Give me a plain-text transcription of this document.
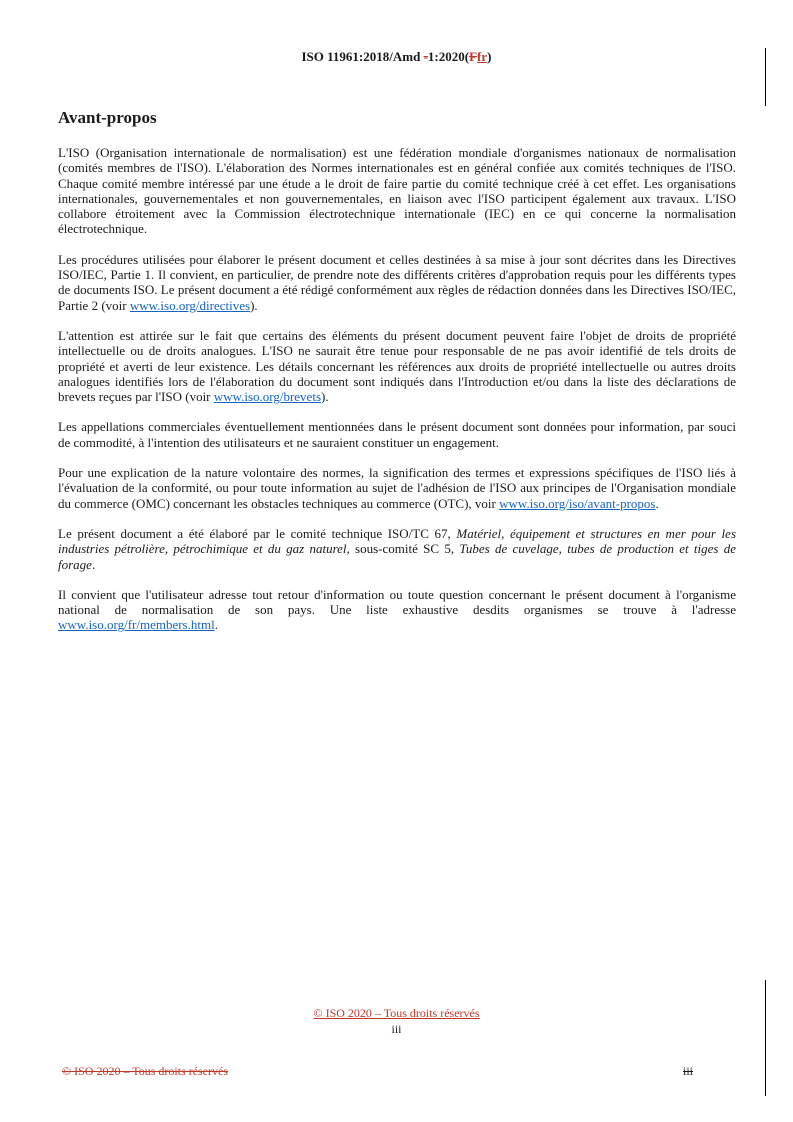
ISO 11961:2018/Amd -1:2020(Ffr)
Avant-propos

L'ISO (Organisation internationale de normalisation) est une fédération mondiale d'organismes nationaux de normalisation (comités membres de l'ISO). L'élaboration des Normes internationales est en général confiée aux comités techniques de l'ISO. Chaque comité membre intéressé par une étude a le droit de faire partie du comité technique créé à cet effet. Les organisations internationales, gouvernementales et non gouvernementales, en liaison avec l'ISO participent également aux travaux. L'ISO collabore étroitement avec la Commission électrotechnique internationale (IEC) en ce qui concerne la normalisation électrotechnique.

Les procédures utilisées pour élaborer le présent document et celles destinées à sa mise à jour sont décrites dans les Directives ISO/IEC, Partie 1. Il convient, en particulier, de prendre note des différents critères d'approbation requis pour les différents types de documents ISO. Le présent document a été rédigé conformément aux règles de rédaction données dans les Directives ISO/IEC, Partie 2 (voir www.iso.org/directives).

L'attention est attirée sur le fait que certains des éléments du présent document peuvent faire l'objet de droits de propriété intellectuelle ou de droits analogues. L'ISO ne saurait être tenue pour responsable de ne pas avoir identifié de tels droits de propriété et averti de leur existence. Les détails concernant les références aux droits de propriété intellectuelle ou autres droits analogues identifiés lors de l'élaboration du document sont indiqués dans l'Introduction et/ou dans la liste des déclarations de brevets reçues par l'ISO (voir www.iso.org/brevets).

Les appellations commerciales éventuellement mentionnées dans le présent document sont données pour information, par souci de commodité, à l'intention des utilisateurs et ne sauraient constituer un engagement.

Pour une explication de la nature volontaire des normes, la signification des termes et expressions spécifiques de l'ISO liés à l'évaluation de la conformité, ou pour toute information au sujet de l'adhésion de l'ISO aux principes de l'Organisation mondiale du commerce (OMC) concernant les obstacles techniques au commerce (OTC), voir www.iso.org/iso/avant-propos.

Le présent document a été élaboré par le comité technique ISO/TC 67, Matériel, équipement et structures en mer pour les industries pétrolière, pétrochimique et du gaz naturel, sous-comité SC 5, Tubes de cuvelage, tubes de production et tiges de forage.

Il convient que l'utilisateur adresse tout retour d'information ou toute question concernant le présent document à l'organisme national de normalisation de son pays. Une liste exhaustive desdits organismes se trouve à l'adresse www.iso.org/fr/members.html.

© ISO 2020 – Tous droits réservés
iii
© ISO 2020 – Tous droits réservés	iii
